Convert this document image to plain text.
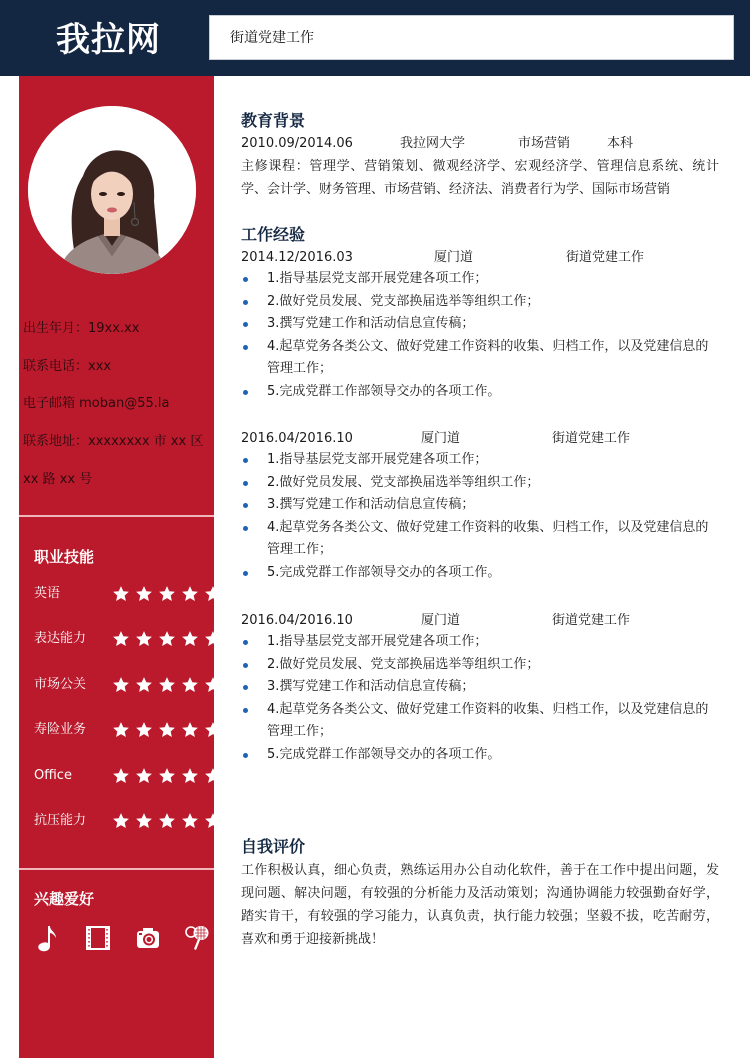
我拉网	街道党建工作
出生年月：19xx.xx
联系电话：xxx
电子邮箱 moban@55.la
联系地址：xxxxxxxx 市 xx 区
xx 路 xx 号
职业技能
英语
表达能力
市场公关
寿险业务
Office
抗压能力
兴趣爱好
教育背景
2010.09/2014.06	我拉网大学	市场营销	本科
主修课程：管理学、营销策划、微观经济学、宏观经济学、管理信息系统、统计学、会计学、财务管理、市场营销、经济法、消费者行为学、国际市场营销
工作经验
2014.12/2016.03	厦门道	街道党建工作
1.指导基层党支部开展党建各项工作；
2.做好党员发展、党支部换届选举等组织工作；
3.撰写党建工作和活动信息宣传稿；
4.起草党务各类公文、做好党建工作资料的收集、归档工作，以及党建信息的管理工作；
5.完成党群工作部领导交办的各项工作。
2016.04/2016.10	厦门道	街道党建工作
1.指导基层党支部开展党建各项工作；
2.做好党员发展、党支部换届选举等组织工作；
3.撰写党建工作和活动信息宣传稿；
4.起草党务各类公文、做好党建工作资料的收集、归档工作，以及党建信息的管理工作；
5.完成党群工作部领导交办的各项工作。
2016.04/2016.10	厦门道	街道党建工作
1.指导基层党支部开展党建各项工作；
2.做好党员发展、党支部换届选举等组织工作；
3.撰写党建工作和活动信息宣传稿；
4.起草党务各类公文、做好党建工作资料的收集、归档工作，以及党建信息的管理工作；
5.完成党群工作部领导交办的各项工作。
自我评价
工作积极认真，细心负责，熟练运用办公自动化软件，善于在工作中提出问题，发现问题、解决问题，有较强的分析能力及活动策划；沟通协调能力较强勤奋好学，踏实肯干，有较强的学习能力，认真负责，执行能力较强；坚毅不拔，吃苦耐劳，喜欢和勇于迎接新挑战！
